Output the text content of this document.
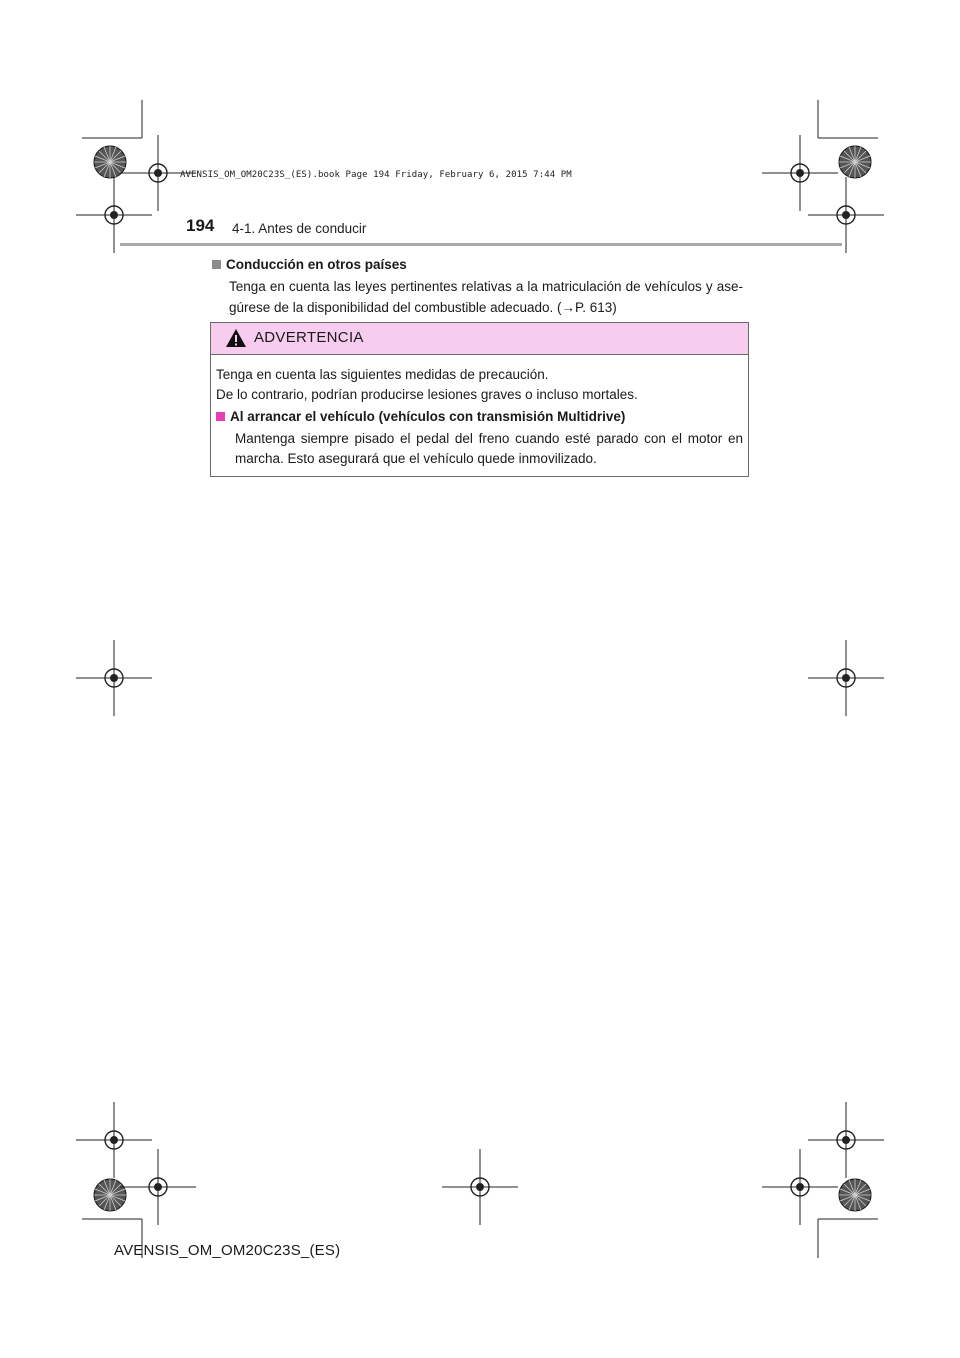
AVENSIS_OM_OM20C23S_(ES).book Page 194 Friday, February 6, 2015 7:44 PM
194 4-1. Antes de conducir
Conducción en otros países
Tenga en cuenta las leyes pertinentes relativas a la matriculación de vehículos y ase-gúrese de la disponibilidad del combustible adecuado. (→P. 613)
ADVERTENCIA

Tenga en cuenta las siguientes medidas de precaución.

De lo contrario, podrían producirse lesiones graves o incluso mortales.

Al arrancar el vehículo (vehículos con transmisión Multidrive)

Mantenga siempre pisado el pedal del freno cuando esté parado con el motor en marcha. Esto asegurará que el vehículo quede inmovilizado.

AVENSIS_OM_OM20C23S_(ES)
